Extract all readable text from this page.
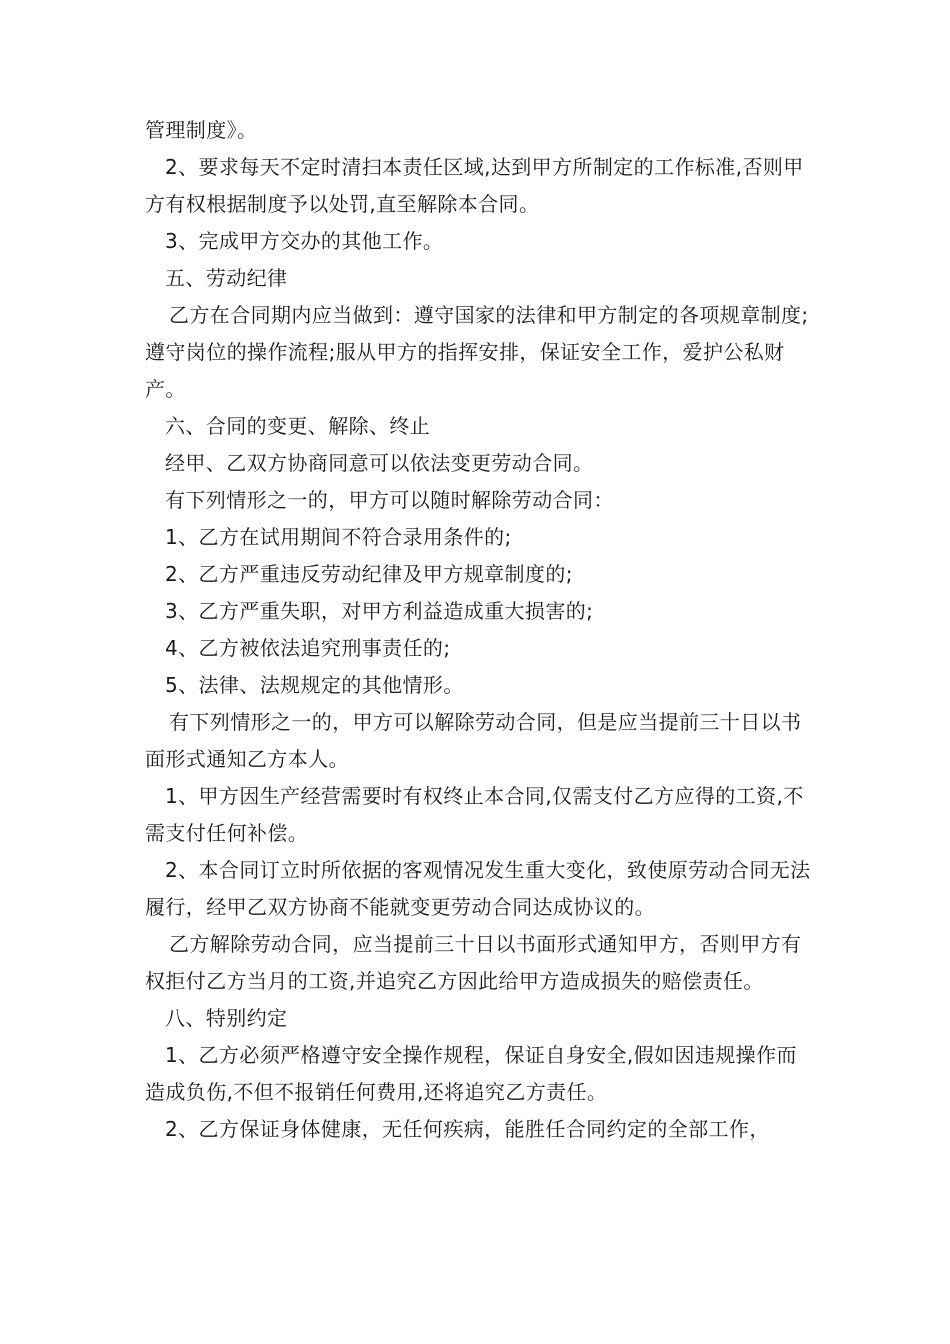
管理制度》。

2、要求每天不定时清扫本责任区域,达到甲方所制定的工作标准,否则甲方有权根据制度予以处罚,直至解除本合同。

3、完成甲方交办的其他工作。

五、劳动纪律

乙方在合同期内应当做到：遵守国家的法律和甲方制定的各项规章制度;遵守岗位的操作流程;服从甲方的指挥安排，保证安全工作，爱护公私财产。

六、合同的变更、解除、终止

经甲、乙双方协商同意可以依法变更劳动合同。

有下列情形之一的，甲方可以随时解除劳动合同：

1、乙方在试用期间不符合录用条件的;

2、乙方严重违反劳动纪律及甲方规章制度的;

3、乙方严重失职，对甲方利益造成重大损害的;

4、乙方被依法追究刑事责任的;

5、法律、法规规定的其他情形。

有下列情形之一的，甲方可以解除劳动合同，但是应当提前三十日以书面形式通知乙方本人。

1、甲方因生产经营需要时有权终止本合同,仅需支付乙方应得的工资,不需支付任何补偿。

2、本合同订立时所依据的客观情况发生重大变化，致使原劳动合同无法履行，经甲乙双方协商不能就变更劳动合同达成协议的。

乙方解除劳动合同，应当提前三十日以书面形式通知甲方，否则甲方有权拒付乙方当月的工资,并追究乙方因此给甲方造成损失的赔偿责任。

八、特别约定

1、乙方必须严格遵守安全操作规程，保证自身安全,假如因违规操作而造成负伤,不但不报销任何费用,还将追究乙方责任。

2、乙方保证身体健康，无任何疾病，能胜任合同约定的全部工作，
